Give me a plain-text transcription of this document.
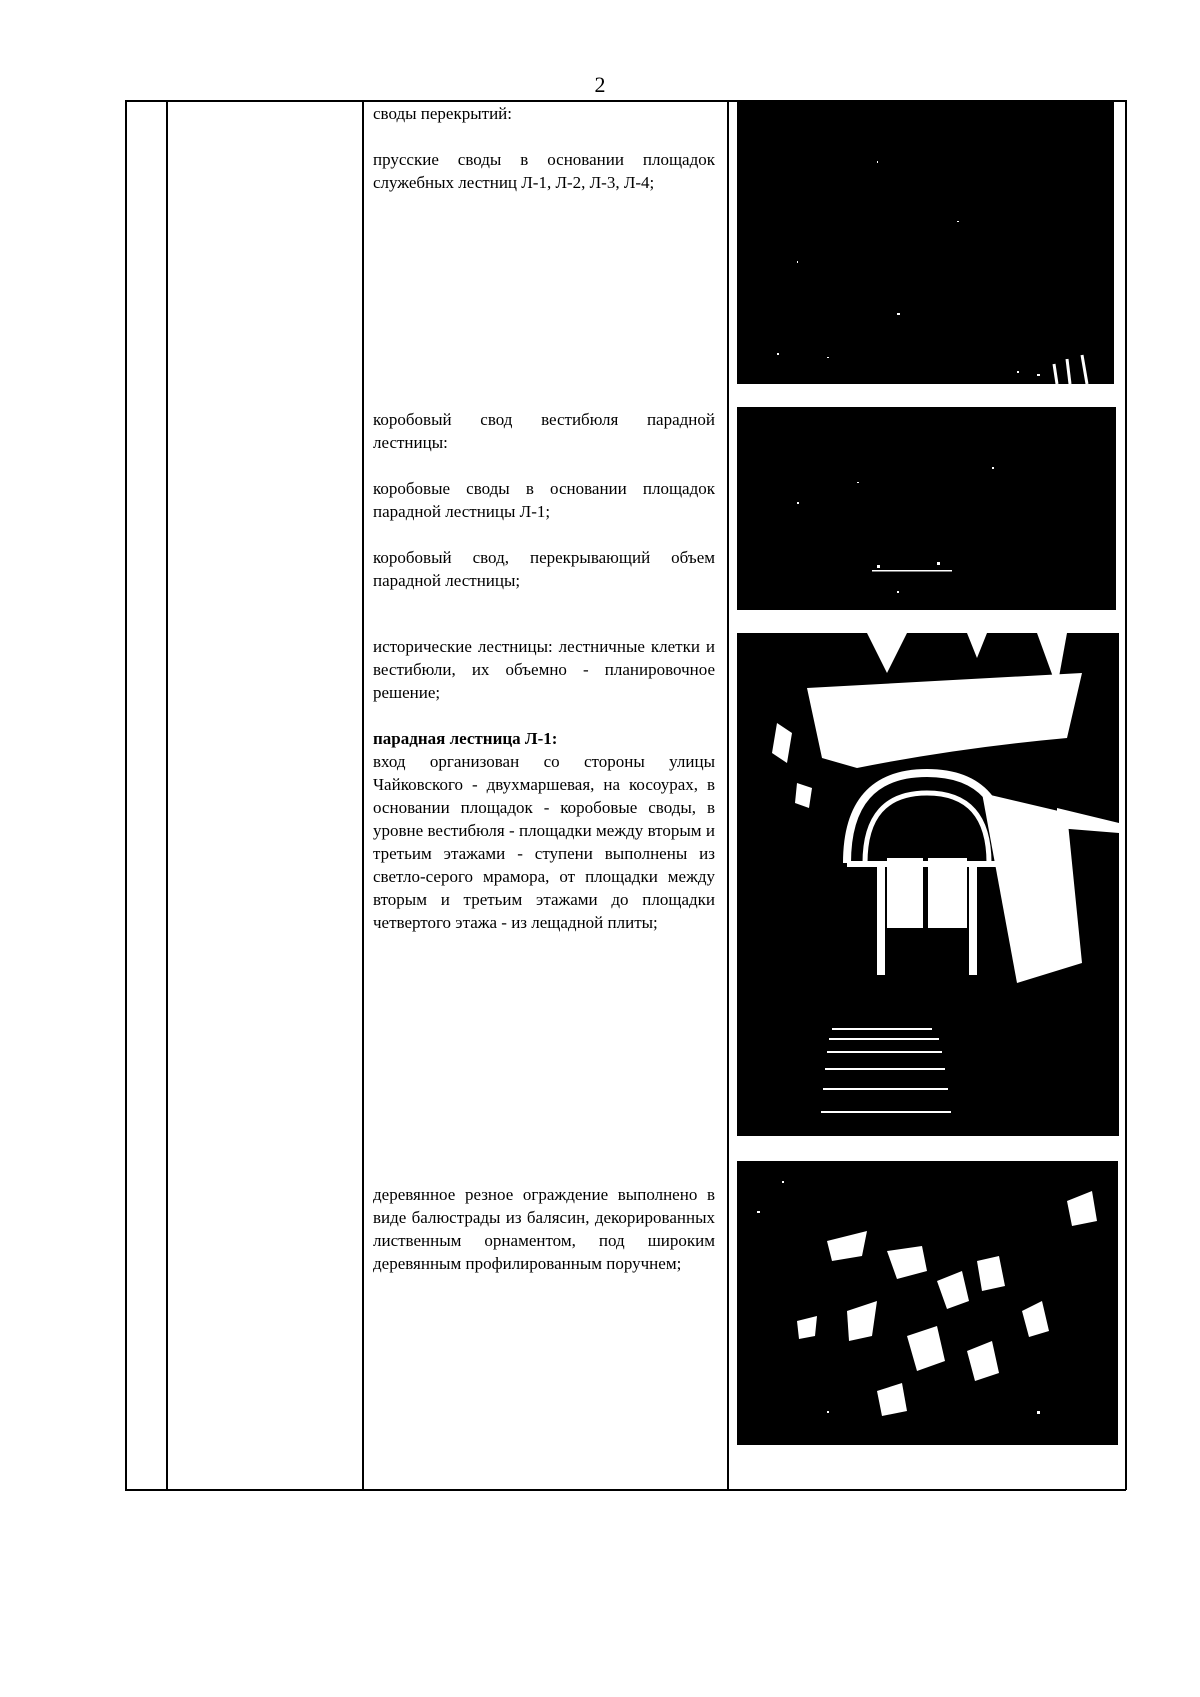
2

своды перекрытий:

прусские своды в основании площадок служебных лестниц Л-1, Л-2, Л-3, Л-4;

коробовый свод вестибюля парадной лестницы:

коробовые своды в основании площадок парадной лестницы Л-1;

коробовый свод, перекрывающий объем парадной лестницы;

исторические лестницы: лестничные клетки и вестибюли, их объемно - планировочное решение;

парадная лестница Л-1:

вход организован со стороны улицы Чайковского - двухмаршевая, на косоурах, в основании площадок - коробовые своды, в уровне вестибюля - площадки между вторым и третьим этажами - ступени выполнены из светло-серого мрамора, от площадки между вторым и третьим этажами до площадки четвертого этажа - из лещадной плиты;

деревянное резное ограждение выполнено в виде балюстрады из балясин, декорированных лиственным орнаментом, под широким деревянным профилированным поручнем;
